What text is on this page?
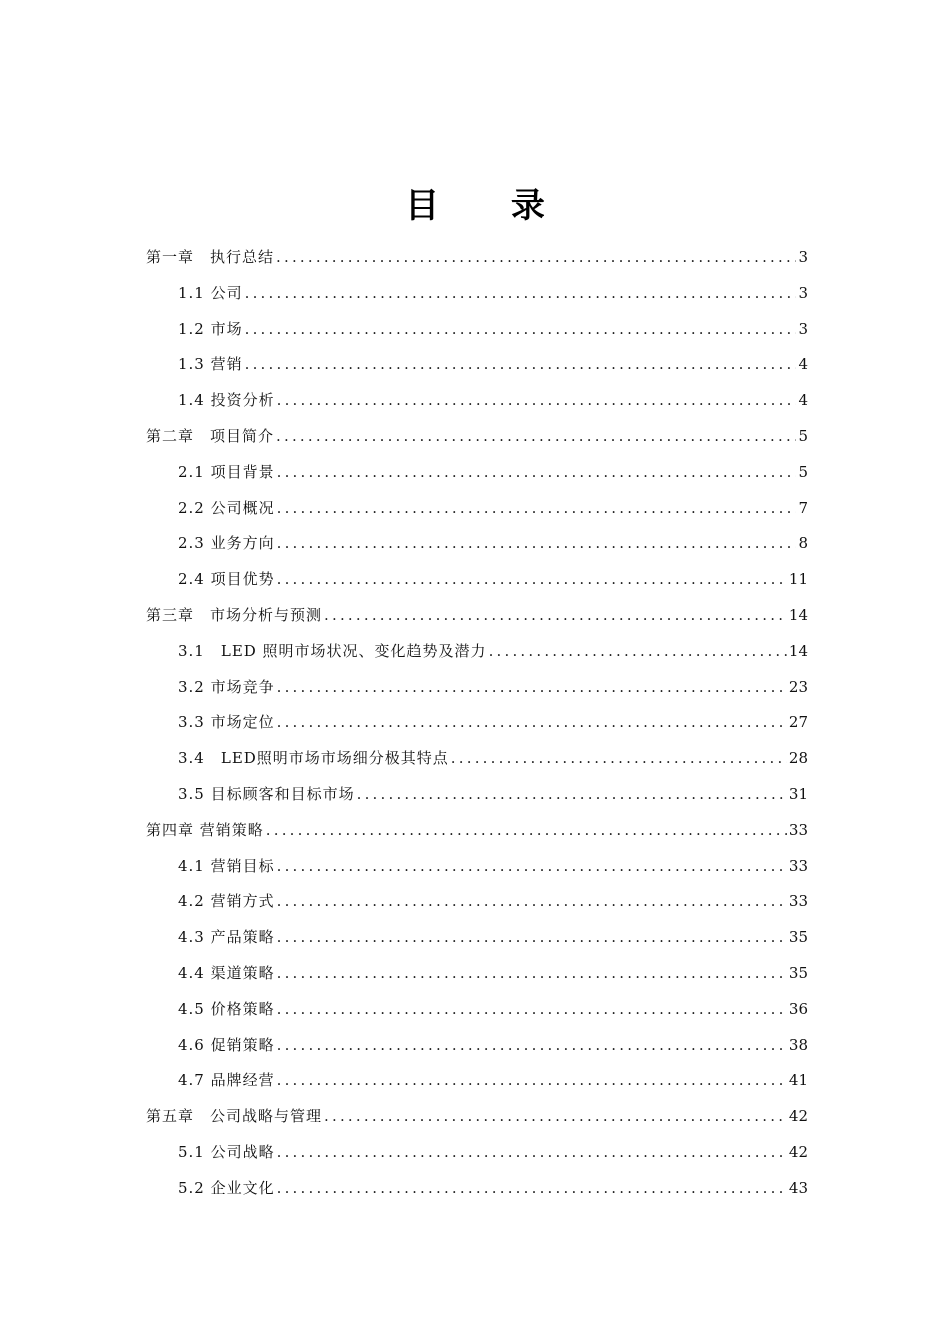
目 录
第一章　执行总结 .....	3
1.1 公司 .....	3
1.2 市场 .....	3
1.3 营销 .....	4
1.4 投资分析 .....	4
第二章　项目简介 .....	5
2.1 项目背景 .....	5
2.2 公司概况 .....	7
2.3 业务方向 .....	8
2.4 项目优势 .....	11
第三章　市场分析与预测 .....	14
3.1　LED 照明市场状况、变化趋势及潜力 .....	14
3.2 市场竞争 .....	23
3.3 市场定位 .....	27
3.4　LED照明市场市场细分极其特点 .....	28
3.5 目标顾客和目标市场 .....	31
第四章 营销策略 .....	33
4.1 营销目标 .....	33
4.2 营销方式 .....	33
4.3 产品策略 .....	35
4.4 渠道策略 .....	35
4.5 价格策略 .....	36
4.6 促销策略 .....	38
4.7 品牌经营 .....	41
第五章　公司战略与管理 .....	42
5.1 公司战略 .....	42
5.2 企业文化 .....	43
